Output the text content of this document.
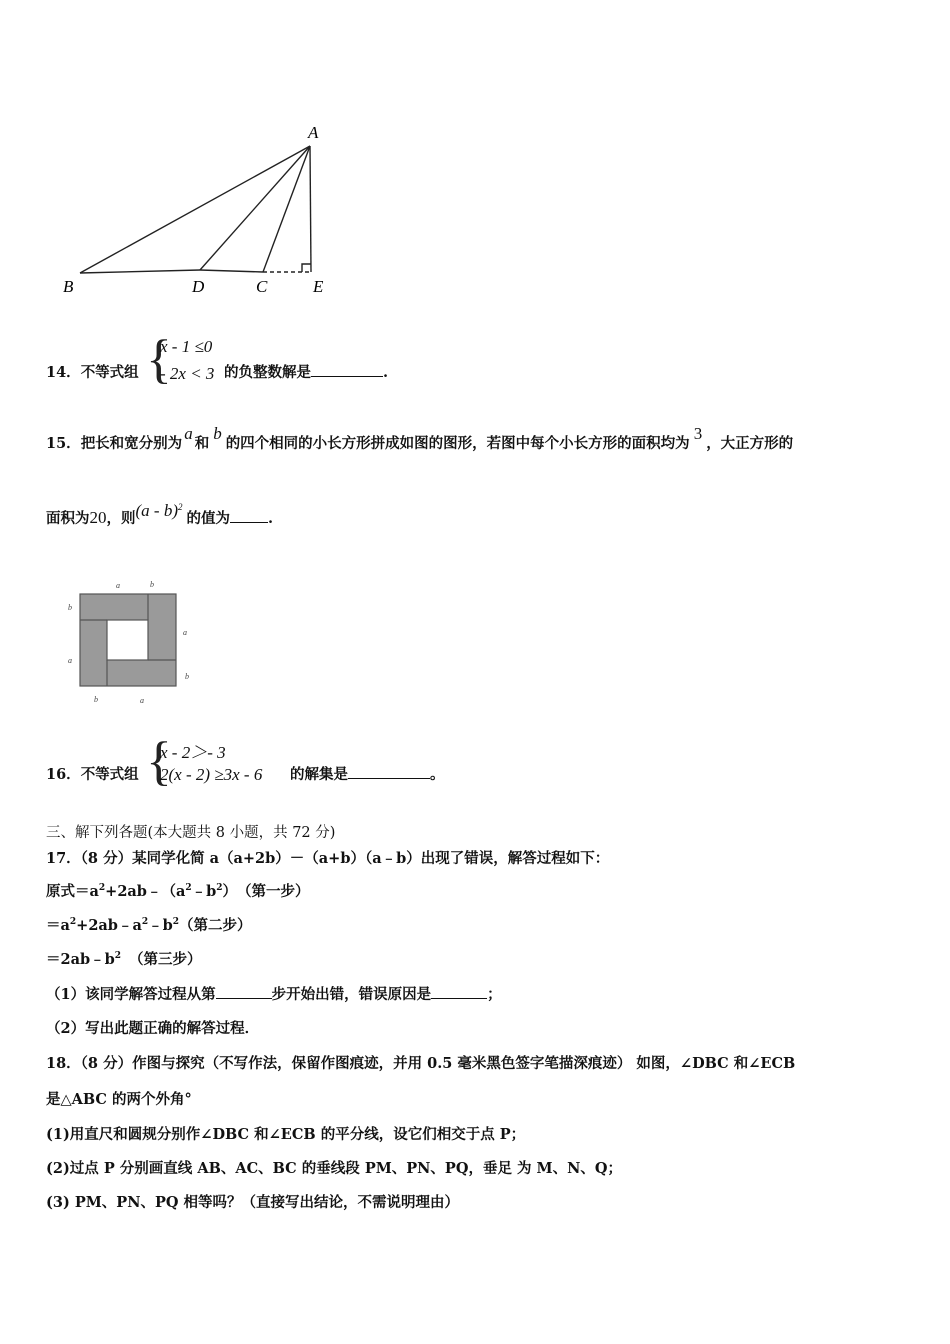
A
B	D	C	E
14．不等式组 {
x - 1 ≤0
- 2x < 3 的负整数解是	.
15．把长和宽分别为a和b的四个相同的小长方形拼成如图的图形，若图中每个小长方形的面积均为3，大正方形的
面积为20，则(a - b)$^2$的值为	.
a	b
b
a
a
b
b	a
16．不等式组 {
x - 2＞- 3
2(x - 2) ≥3x - 6 的解集是	。
三、解下列各题(本大题共 8 小题，共 72 分)
17．（8 分）某同学化简 a（a+2b）－（a+b）（a﹣b）出现了错误，解答过程如下：
原式$=a^2+2ab﹣(a^2﹣b^2)$　（第一步）
$=a^2+2ab﹣a^2﹣b^2$（第二步）
$=2ab﹣b^2$ （第三步）
（1）该同学解答过程从第	步开始出错，错误原因是	；
（2）写出此题正确的解答过程．
18．（8 分）作图与探究（不写作法，保留作图痕迹，并用 0.5 毫米黑色签字笔描深痕迹） 如图，∠DBC 和∠ECB
是△ABC 的两个外角°
(1)用直尺和圆规分别作∠DBC 和∠ECB 的平分线，设它们相交于点 P；
(2)过点 P 分别画直线 AB、AC、BC 的垂线段 PM、PN、PQ，垂足 为 M、N、Q；
(3) PM、PN、PQ 相等吗？（直接写出结论，不需说明理由）
